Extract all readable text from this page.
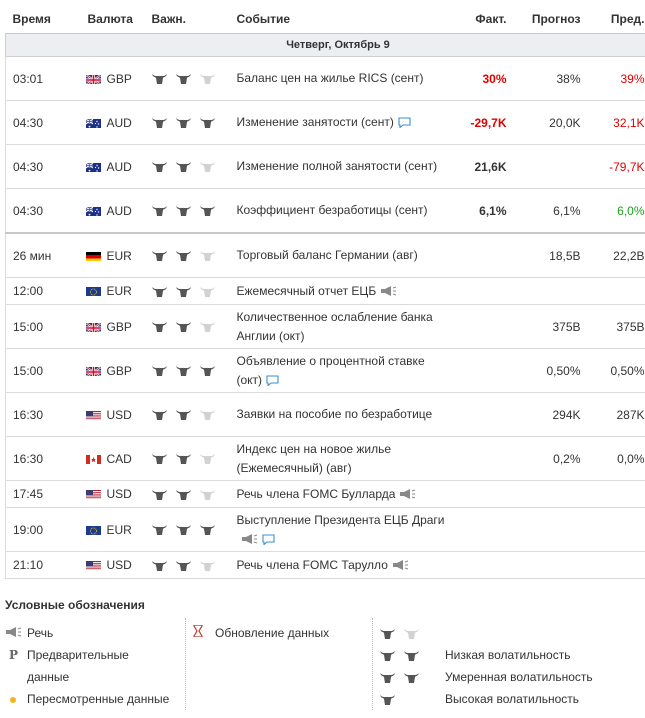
Время	Валюта		Важн.	Событие	Факт.	Прогноз	Пред.		
Четверг, Октябрь 9									
03:01		GBP		Баланс цен на жилье RICS (сент)	30%	38%	39%		
04:30		AUD		Изменение занятости (сент)	-29,7K	20,0K	32,1K		
04:30		AUD		Изменение полной занятости (сент)	21,6K		-79,7K		
04:30		AUD		Коэффициент безработицы (сент)	6,1%	6,1%	6,0%		
26 мин		EUR		Торговый баланс Германии (авг)		18,5B	22,2B		
12:00		EUR		Ежемесячный отчет ЕЦБ					
15:00		GBP		Количественное ослабление банка Англии (окт)		375B	375B		
15:00		GBP		Объявление о процентной ставке (окт)		0,50%	0,50%		
16:30		USD		Заявки на пособие по безработице		294K	287K		
16:30		CAD		Индекс цен на новое жилье (Ежемесячный) (авг)		0,2%	0,0%		
17:45		USD		Речь члена FOMC Булларда					
19:00		EUR		Выступление Президента ЕЦБ Драги					
21:10		USD		Речь члена FOMC Тарулло					
Условные обозначения
Речь
P Предварительные данные
Пересмотренные данные
Обновление данных
Низкая волатильность
Умеренная волатильность
Высокая волатильность
